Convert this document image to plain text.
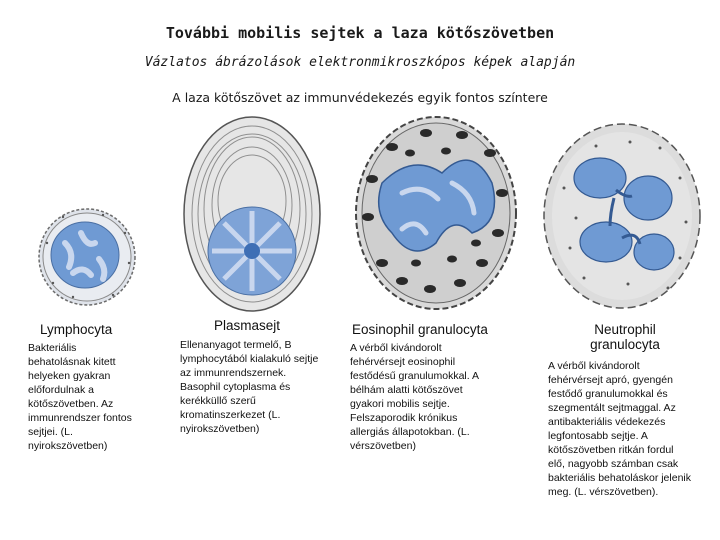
További mobilis sejtek a laza kötőszövetben
Vázlatos ábrázolások elektronmikroszkópos képek alapján
A laza kötőszövet az immunvédekezés egyik fontos színtere
Lymphocyta
Bakteriális behatolásnak kitett helyeken gyakran előfordulnak a kötőszövetben. Az immunrendszer fontos sejtjei. (L. nyirokszövetben)
Plasmasejt
Ellenanyagot termelő, B lymphocytából kialakuló sejtje az immunrendszernek. Basophil cytoplasma és kerékküllő szerű kromatinszerkezet (L. nyirokszövetben)
Eosinophil granulocyta
A vérből kivándorolt fehérvérsejt eosinophil festődésű granulumokkal. A bélhám alatti kötőszövet gyakori mobilis sejtje. Felszaporodik krónikus allergiás állapotokban. (L. vérszövetben)
Neutrophil granulocyta
A vérből kivándorolt fehérvérsejt apró, gyengén festődő granulumokkal és szegmentált sejtmaggal. Az antibakteriális védekezés legfontosabb sejtje. A kötőszövetben ritkán fordul elő, nagyobb számban csak bakteriális behatoláskor jelenik meg. (L. vérszövetben).
